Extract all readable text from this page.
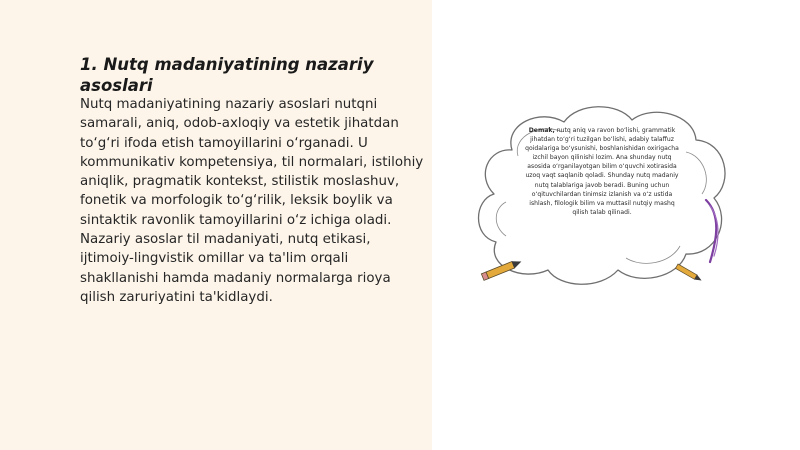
1. Nutq madaniyatining nazariy asoslari

Nutq madaniyatining nazariy asoslari nutqni samarali, aniq, odob-axloqiy va estetik jihatdan to‘g‘ri ifoda etish tamoyillarini o‘rganadi. U kommunikativ kompetensiya, til normalari, istilohiy aniqlik, pragmatik kontekst, stilistik moslashuv, fonetik va morfologik to‘g‘rilik, leksik boylik va sintaktik ravonlik tamoyillarini o‘z ichiga oladi. Nazariy asoslar til madaniyati, nutq etikasi, ijtimoiy-lingvistik omillar va ta'lim orqali shakllanishi hamda madaniy normalarga rioya qilish zaruriyatini ta'kidlaydi.

Demak, nutq aniq va ravon bo‘lishi, grammatik jihatdan to‘g‘ri tuzilgan bo‘lishi, adabiy talaffuz qoidalariga bo‘ysunishi, boshlanishidan oxirigacha izchil bayon qilinishi lozim. Ana shunday nutq asosida o‘rganilayotgan bilim o‘quvchi xotirasida uzoq vaqt saqlanib qoladi. Shunday nutq madaniy nutq talablariga javob beradi. Buning uchun o‘qituvchilardan tinimsiz izlanish va o‘z ustida ishlash, filologik bilim va muttasil nutqiy mashq qilish talab qilinadi.
